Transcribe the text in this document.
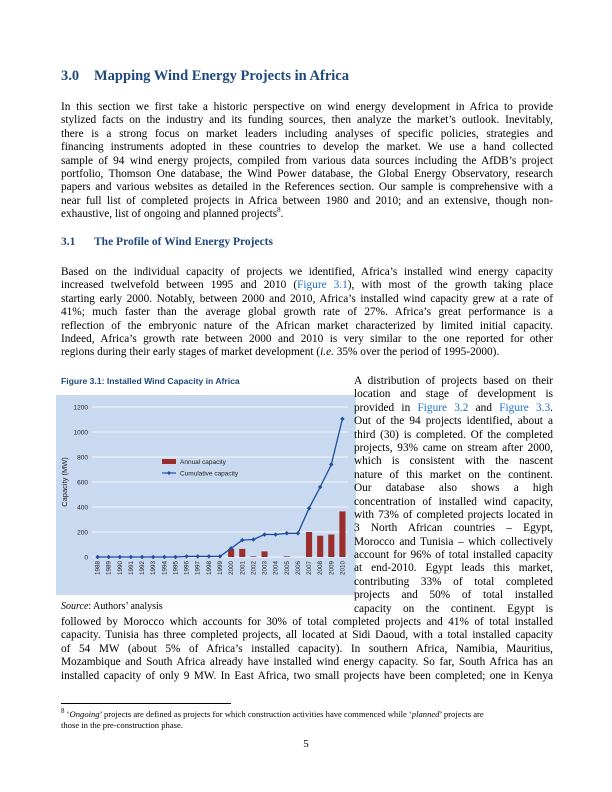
3.0 Mapping Wind Energy Projects in Africa
In this section we first take a historic perspective on wind energy development in Africa to provide
stylized facts on the industry and its funding sources, then analyze the market’s outlook. Inevitably,
there is a strong focus on market leaders including analyses of specific policies, strategies and
financing instruments adopted in these countries to develop the market. We use a hand collected
sample of 94 wind energy projects, compiled from various data sources including the AfDB’s project
portfolio, Thomson One database, the Wind Power database, the Global Energy Observatory, research
papers and various websites as detailed in the References section. Our sample is comprehensive with a
near full list of completed projects in Africa between 1980 and 2010; and an extensive, though non-
exhaustive, list of ongoing and planned projects$^8$.
3.1 The Profile of Wind Energy Projects
Based on the individual capacity of projects we identified, Africa’s installed wind energy capacity
increased twelvefold between 1995 and 2010 (Figure 3.1), with most of the growth taking place
starting early 2000. Notably, between 2000 and 2010, Africa’s installed wind capacity grew at a rate of
41%; much faster than the average global growth rate of 27%. Africa’s great performance is a
reflection of the embryonic nature of the African market characterized by limited initial capacity.
Indeed, Africa’s growth rate between 2000 and 2010 is very similar to the one reported for other
regions during their early stages of market development (i.e. 35% over the period of 1995-2000).
Figure 3.1: Installed Wind Capacity in Africa
0
200
400
600
800
1000
1200
Capacity (MW)
1988 1989 1990 1991 1992 1993 1994 1995 1996 1997 1998 1999 2000 2001 2002 2003 2004 2005 2006 2007 2008 2009 2010
Annual capacity
Cumulative capacity
Source: Authors’ analysis
A distribution of projects based on their
location and stage of development is
provided in Figure 3.2 and Figure 3.3.
Out of the 94 projects identified, about a
third (30) is completed. Of the completed
projects, 93% came on stream after 2000,
which is consistent with the nascent
nature of this market on the continent.
Our database also shows a high
concentration of installed wind capacity,
with 73% of completed projects located in
3 North African countries – Egypt,
Morocco and Tunisia – which collectively
account for 96% of total installed capacity
at end-2010. Egypt leads this market,
contributing 33% of total completed
projects and 50% of total installed
capacity on the continent. Egypt is
followed by Morocco which accounts for 30% of total completed projects and 41% of total installed
capacity. Tunisia has three completed projects, all located at Sidi Daoud, with a total installed capacity
of 54 MW (about 5% of Africa’s installed capacity). In southern Africa, Namibia, Mauritius,
Mozambique and South Africa already have installed wind energy capacity. So far, South Africa has an
installed capacity of only 9 MW. In East Africa, two small projects have been completed; one in Kenya
$^8$ ‘Ongoing’ projects are defined as projects for which construction activities have commenced while ‘planned’ projects are
those in the pre-construction phase.
5
